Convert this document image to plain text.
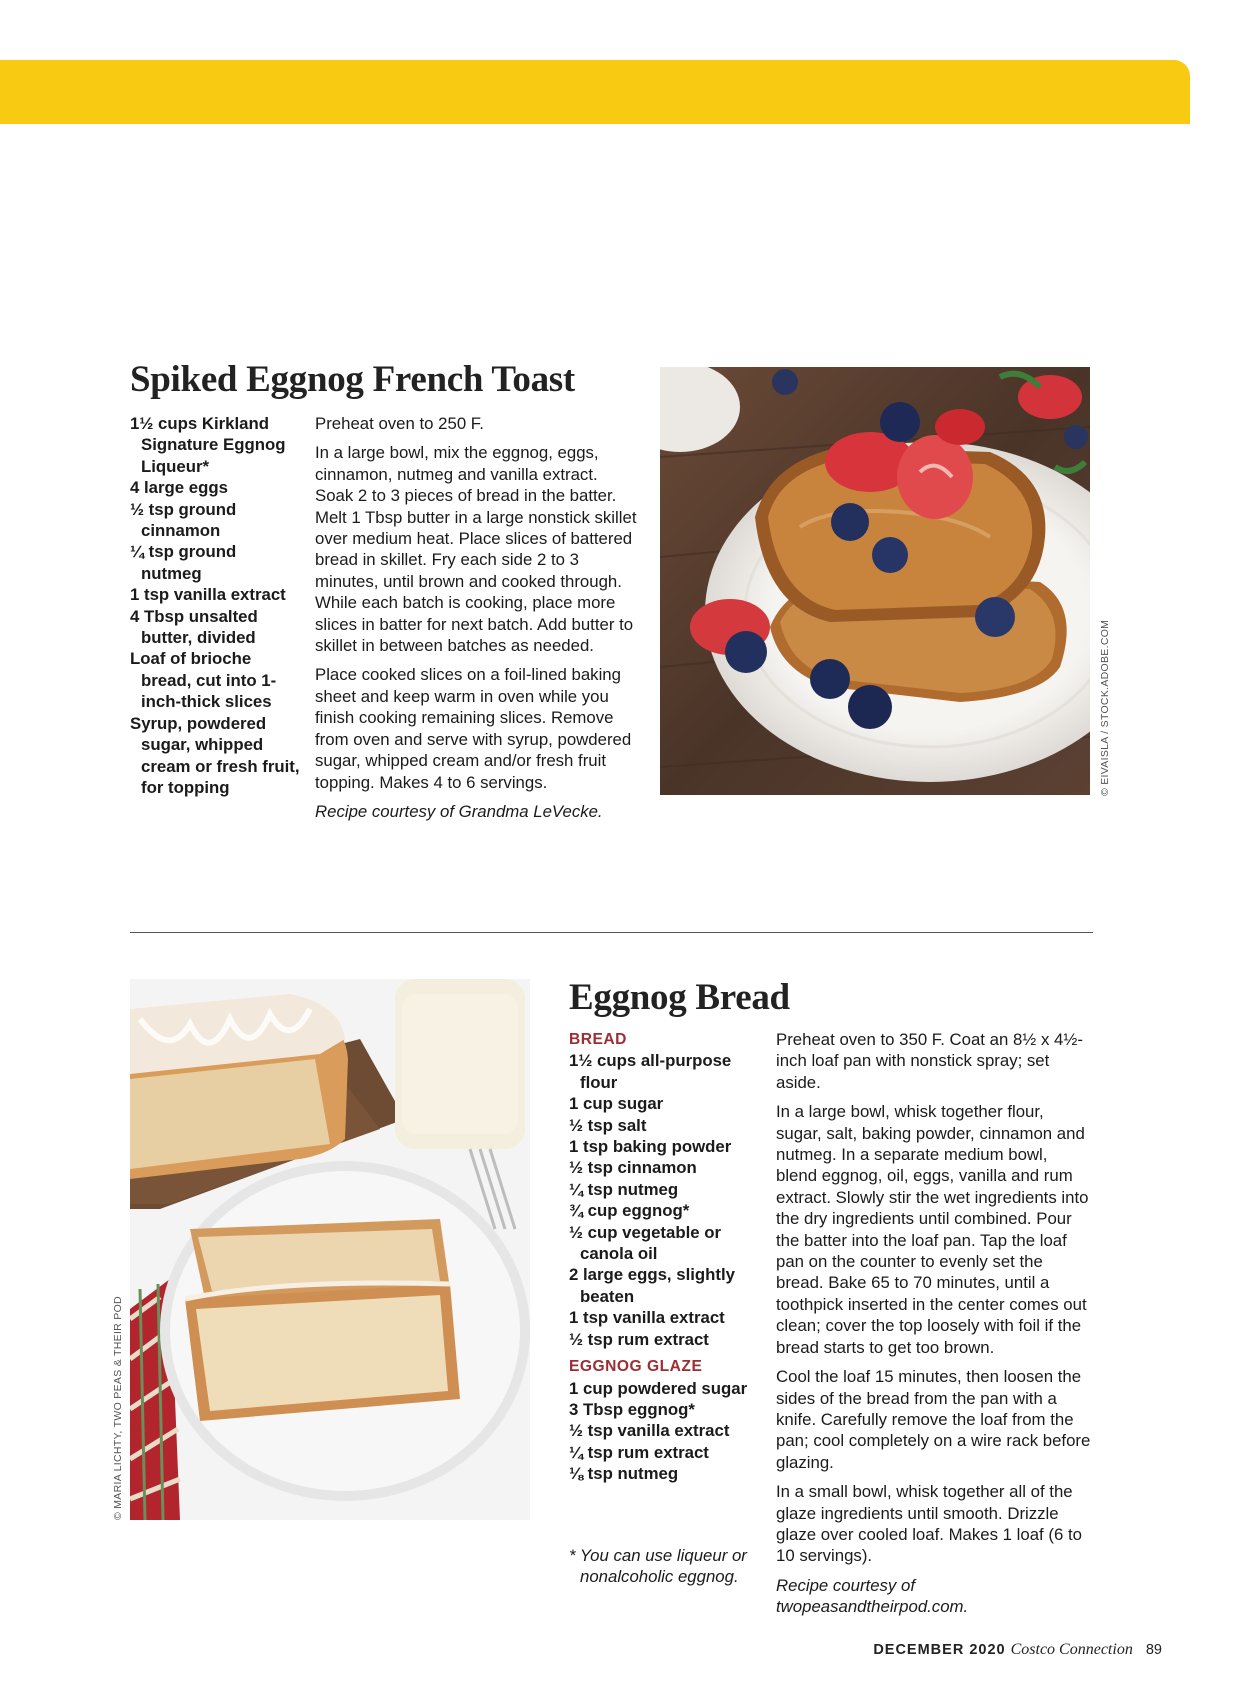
Spiked Eggnog French Toast
1½ cups Kirkland Signature Eggnog Liqueur*
4 large eggs
½ tsp ground cinnamon
¼ tsp ground nutmeg
1 tsp vanilla extract
4 Tbsp unsalted butter, divided
Loaf of brioche bread, cut into 1-inch-thick slices
Syrup, powdered sugar, whipped cream or fresh fruit, for topping

Preheat oven to 250 F.

In a large bowl, mix the eggnog, eggs, cinnamon, nutmeg and vanilla extract. Soak 2 to 3 pieces of bread in the batter. Melt 1 Tbsp butter in a large nonstick skillet over medium heat. Place slices of battered bread in skillet. Fry each side 2 to 3 minutes, until brown and cooked through. While each batch is cooking, place more slices in batter for next batch. Add butter to skillet in between batches as needed.

Place cooked slices on a foil-lined baking sheet and keep warm in oven while you finish cooking remaining slices. Remove from oven and serve with syrup, powdered sugar, whipped cream and/or fresh fruit topping. Makes 4 to 6 servings.

Recipe courtesy of Grandma LeVecke.

© EIVAISLA / STOCK.ADOBE.COM
© MARIA LICHTY, TWO PEAS & THEIR POD
Eggnog Bread
BREAD
1½ cups all-purpose flour
1 cup sugar
½ tsp salt
1 tsp baking powder
½ tsp cinnamon
¼ tsp nutmeg
¾ cup eggnog*
½ cup vegetable or canola oil
2 large eggs, slightly beaten
1 tsp vanilla extract
½ tsp rum extract
EGGNOG GLAZE
1 cup powdered sugar
3 Tbsp eggnog*
½ tsp vanilla extract
¼ tsp rum extract
⅛ tsp nutmeg
* You can use liqueur or nonalcoholic eggnog.

Preheat oven to 350 F. Coat an 8½ x 4½-inch loaf pan with nonstick spray; set aside.

In a large bowl, whisk together flour, sugar, salt, baking powder, cinnamon and nutmeg. In a separate medium bowl, blend eggnog, oil, eggs, vanilla and rum extract. Slowly stir the wet ingredients into the dry ingredients until combined. Pour the batter into the loaf pan. Tap the loaf pan on the counter to evenly set the bread. Bake 65 to 70 minutes, until a toothpick inserted in the center comes out clean; cover the top loosely with foil if the bread starts to get too brown.

Cool the loaf 15 minutes, then loosen the sides of the bread from the pan with a knife. Carefully remove the loaf from the pan; cool completely on a wire rack before glazing.

In a small bowl, whisk together all of the glaze ingredients until smooth. Drizzle glaze over cooled loaf. Makes 1 loaf (6 to 10 servings).

Recipe courtesy of twopeasandtheirpod.com.

DECEMBER 2020 Costco Connection 89
